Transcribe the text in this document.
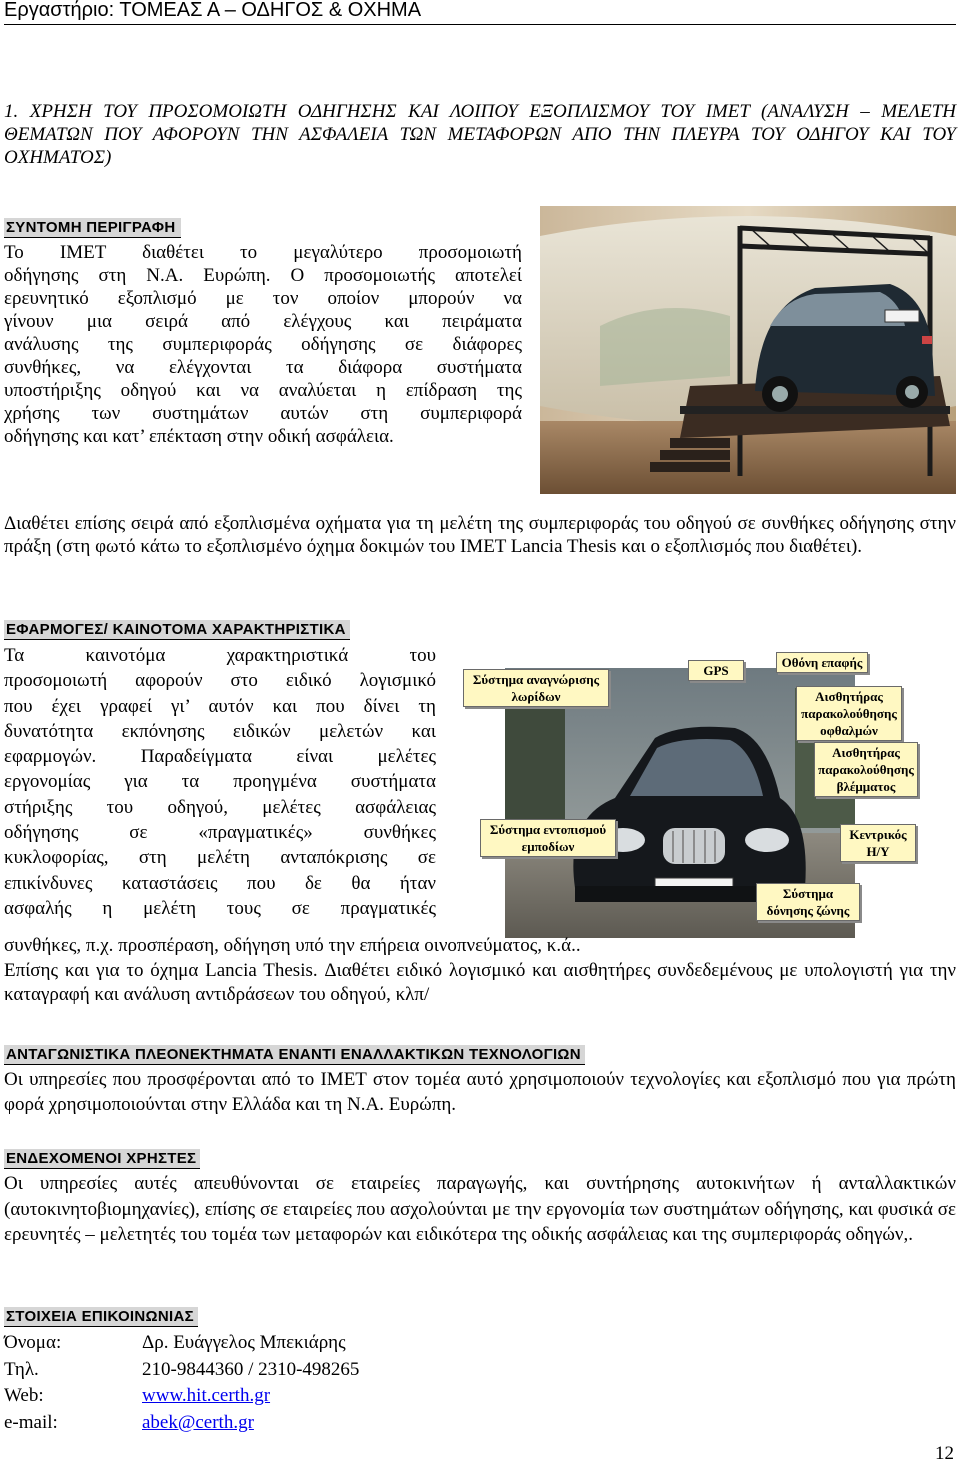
Εργαστήριο: ΤΟΜΕΑΣ Α – ΟΔΗΓΟΣ & ΟΧΗΜΑ
1. ΧΡΗΣΗ ΤΟΥ ΠΡΟΣΟΜΟΙΩΤΗ ΟΔΗΓΗΣΗΣ ΚΑΙ ΛΟΙΠΟΥ ΕΞΟΠΛΙΣΜΟΥ ΤΟΥ ΙΜΕΤ (ΑΝΑΛΥΣΗ – ΜΕΛΕΤΗ ΘΕΜΑΤΩΝ ΠΟΥ ΑΦΟΡΟΥΝ ΤΗΝ ΑΣΦΑΛΕΙΑ ΤΩΝ ΜΕΤΑΦΟΡΩΝ ΑΠΟ ΤΗΝ ΠΛΕΥΡΑ ΤΟΥ ΟΔΗΓΟΥ ΚΑΙ ΤΟΥ ΟΧΗΜΑΤΟΣ)
ΣΥΝΤΟΜΗ ΠΕΡΙΓΡΑΦΗ
Το ΙΜΕΤ διαθέτει το μεγαλύτερο προσομοιωτή
οδήγησης στη Ν.Α. Ευρώπη. Ο προσομοιωτής αποτελεί
ερευνητικό εξοπλισμό με τον οποίον μπορούν να
γίνουν μια σειρά από ελέγχους και πειράματα
ανάλυσης της συμπεριφοράς οδήγησης σε διάφορες
συνθήκες, να ελέγχονται τα διάφορα συστήματα
υποστήριξης οδηγού και να αναλύεται η επίδραση της
χρήσης των συστημάτων αυτών στη συμπεριφορά
οδήγησης και κατ’ επέκταση στην οδική ασφάλεια.
Διαθέτει επίσης σειρά από εξοπλισμένα οχήματα για τη μελέτη της συμπεριφοράς του οδηγού σε συνθήκες οδήγησης στην πράξη (στη φωτό κάτω το εξοπλισμένο όχημα δοκιμών του ΙΜΕΤ Lancia Thesis και ο εξοπλισμός που διαθέτει).
ΕΦΑΡΜΟΓΕΣ/ ΚΑΙΝΟΤΟΜΑ ΧΑΡΑΚΤΗΡΙΣΤΙΚΑ
Τα καινοτόμα χαρακτηριστικά του
προσομοιωτή αφορούν στο ειδικό λογισμικό
που έχει γραφεί γι’ αυτόν και που δίνει τη
δυνατότητα εκπόνησης ειδικών μελετών και
εφαρμογών. Παραδείγματα είναι μελέτες
εργονομίας για τα προηγμένα συστήματα
στήριξης του οδηγού, μελέτες ασφάλειας
οδήγησης σε «πραγματικές» συνθήκες
κυκλοφορίας, στη μελέτη ανταπόκρισης σε
επικίνδυνες καταστάσεις που δε θα ήταν
ασφαλής η μελέτη τους σε πραγματικές
Σύστημα αναγνώρισης λωρίδων
GPS
Οθόνη επαφής
Αισθητήρας παρακολούθησης οφθαλμών
Αισθητήρας παρακολούθησης βλέμματος
Σύστημα εντοπισμού εμποδίων
Κεντρικός Η/Υ
Σύστημα δόνησης ζώνης
συνθήκες, π.χ. προσπέραση, οδήγηση υπό την επήρεια οινοπνεύματος, κ.ά..
Επίσης και για το όχημα Lancia Thesis. Διαθέτει ειδικό λογισμικό και αισθητήρες συνδεδεμένους με υπολογιστή για την καταγραφή και ανάλυση αντιδράσεων του οδηγού, κλπ/
ΑΝΤΑΓΩΝΙΣΤΙΚΑ ΠΛΕΟΝΕΚΤΗΜΑΤΑ ΕΝΑΝΤΙ ΕΝΑΛΛΑΚΤΙΚΩΝ ΤΕΧΝΟΛΟΓΙΩΝ
Οι υπηρεσίες που προσφέρονται από το ΙΜΕΤ στον τομέα αυτό χρησιμοποιούν τεχνολογίες και εξοπλισμό που για πρώτη φορά χρησιμοποιούνται στην Ελλάδα και τη Ν.Α. Ευρώπη.
ΕΝΔΕΧΟΜΕΝΟΙ ΧΡΗΣΤΕΣ
Οι υπηρεσίες αυτές απευθύνονται σε εταιρείες παραγωγής, και συντήρησης αυτοκινήτων ή ανταλλακτικών (αυτοκινητοβιομηχανίες), επίσης σε εταιρείες που ασχολούνται με την εργονομία των συστημάτων οδήγησης, και φυσικά σε ερευνητές – μελετητές του τομέα των μεταφορών και ειδικότερα της οδικής ασφάλειας και της συμπεριφοράς οδηγών,.
ΣΤΟΙΧΕΙΑ ΕΠΙΚΟΙΝΩΝΙΑΣ
Όνομα:	Δρ. Ευάγγελος Μπεκιάρης
Τηλ.	210-9844360 / 2310-498265
Web:	www.hit.certh.gr
e-mail:	abek@certh.gr
12
